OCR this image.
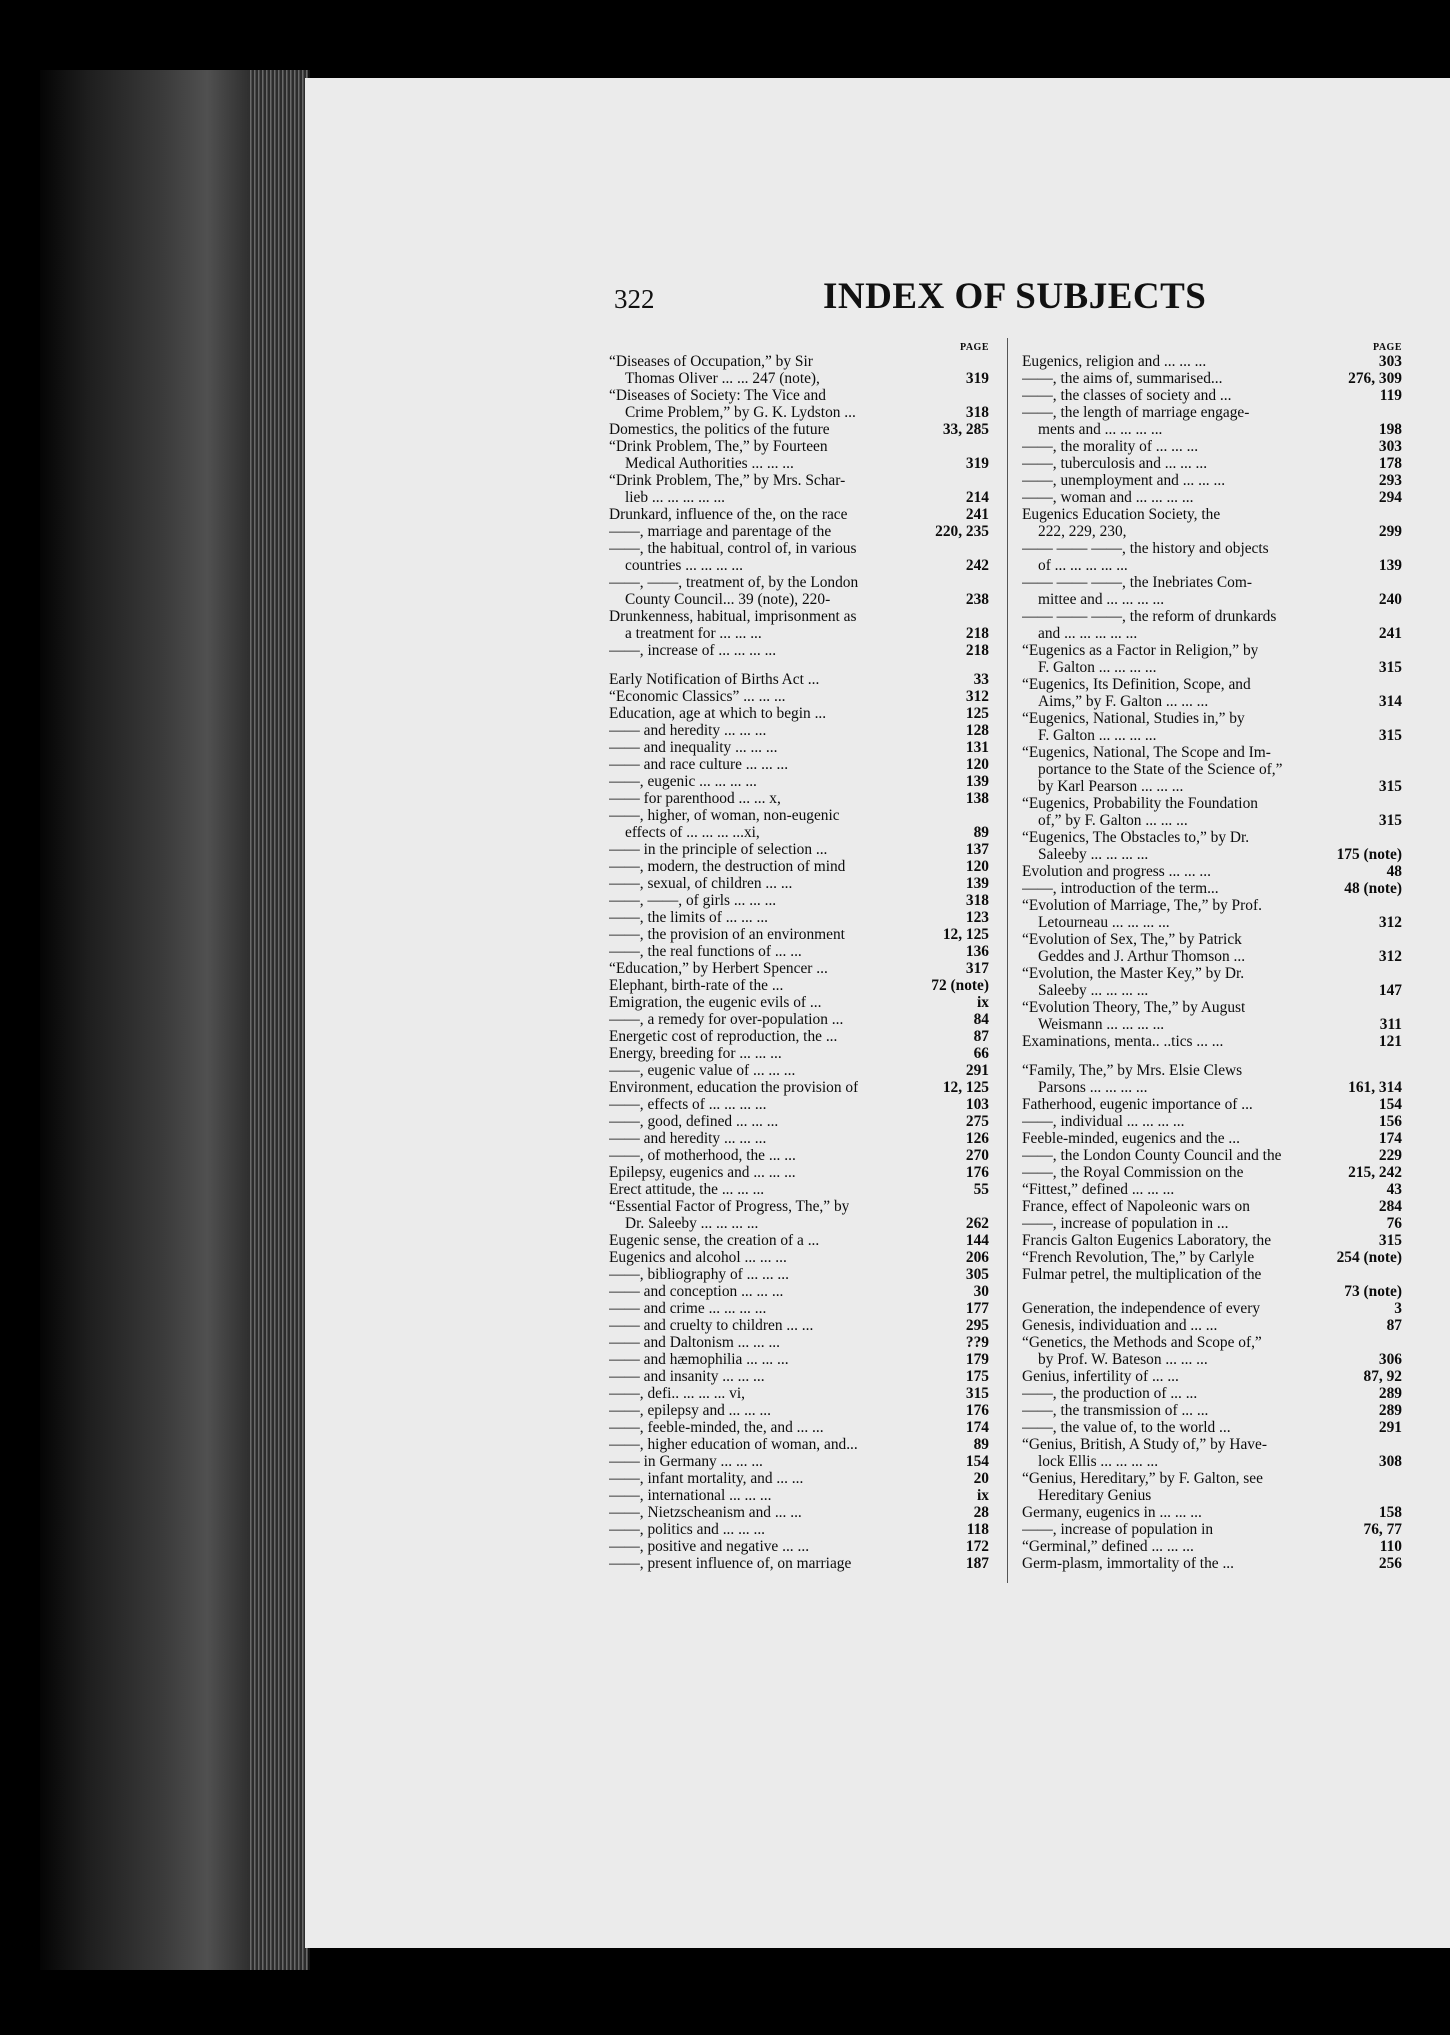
322	INDEX OF SUBJECTS
PAGE
“Diseases of Occupation,” by Sir
Thomas Oliver ... ... 247 (note),	319
“Diseases of Society: The Vice and
Crime Problem,” by G. K. Lydston ...	318
Domestics, the politics of the future	33, 285
“Drink Problem, The,” by Fourteen
Medical Authorities ... ... ...	319
“Drink Problem, The,” by Mrs. Schar-
lieb ... ... ... ... ...	214
Drunkard, influence of the, on the race	241
——, marriage and parentage of the	220, 235
——, the habitual, control of, in various
countries ... ... ... ...	242
——, ——, treatment of, by the London
County Council... 39 (note), 220-	238
Drunkenness, habitual, imprisonment as
a treatment for ... ... ...	218
——, increase of ... ... ... ...	218
Early Notification of Births Act ...	33
“Economic Classics” ... ... ...	312
Education, age at which to begin ...	125
—— and heredity ... ... ...	128
—— and inequality ... ... ...	131
—— and race culture ... ... ...	120
——, eugenic ... ... ... ...	139
—— for parenthood ... ... x,	138
——, higher, of woman, non-eugenic
effects of ... ... ... ...xi,	89
—— in the principle of selection ...	137
——, modern, the destruction of mind	120
——, sexual, of children ... ...	139
——, ——, of girls ... ... ...	318
——, the limits of ... ... ...	123
——, the provision of an environment	12, 125
——, the real functions of ... ...	136
“Education,” by Herbert Spencer ...	317
Elephant, birth-rate of the ...	72 (note)
Emigration, the eugenic evils of ...	ix
——, a remedy for over-population ...	84
Energetic cost of reproduction, the ...	87
Energy, breeding for ... ... ...	66
——, eugenic value of ... ... ...	291
Environment, education the provision of	12, 125
——, effects of ... ... ... ...	103
——, good, defined ... ... ...	275
—— and heredity ... ... ...	126
——, of motherhood, the ... ...	270
Epilepsy, eugenics and ... ... ...	176
Erect attitude, the ... ... ...	55
“Essential Factor of Progress, The,” by
Dr. Saleeby ... ... ... ...	262
Eugenic sense, the creation of a ...	144
Eugenics and alcohol ... ... ...	206
——, bibliography of ... ... ...	305
—— and conception ... ... ...	30
—— and crime ... ... ... ...	177
—— and cruelty to children ... ...	295
—— and Daltonism ... ... ...	??9
—— and hæmophilia ... ... ...	179
—— and insanity ... ... ...	175
——, defi.. ... ... ... vi,	315
——, epilepsy and ... ... ...	176
——, feeble-minded, the, and ... ...	174
——, higher education of woman, and...	89
—— in Germany ... ... ...	154
——, infant mortality, and ... ...	20
——, international ... ... ...	ix
——, Nietzscheanism and ... ...	28
——, politics and ... ... ...	118
——, positive and negative ... ...	172
——, present influence of, on marriage	187
PAGE
Eugenics, religion and ... ... ...	303
——, the aims of, summarised...	276, 309
——, the classes of society and ...	119
——, the length of marriage engage-
ments and ... ... ... ...	198
——, the morality of ... ... ...	303
——, tuberculosis and ... ... ...	178
——, unemployment and ... ... ...	293
——, woman and ... ... ... ...	294
Eugenics Education Society, the
222, 229, 230,	299
—— —— ——, the history and objects
of ... ... ... ... ...	139
—— —— ——, the Inebriates Com-
mittee and ... ... ... ...	240
—— —— ——, the reform of drunkards
and ... ... ... ... ...	241
“Eugenics as a Factor in Religion,” by
F. Galton ... ... ... ...	315
“Eugenics, Its Definition, Scope, and
Aims,” by F. Galton ... ... ...	314
“Eugenics, National, Studies in,” by
F. Galton ... ... ... ...	315
“Eugenics, National, The Scope and Im-
portance to the State of the Science of,”
by Karl Pearson ... ... ...	315
“Eugenics, Probability the Foundation
of,” by F. Galton ... ... ...	315
“Eugenics, The Obstacles to,” by Dr.
Saleeby ... ... ... ...	175 (note)
Evolution and progress ... ... ...	48
——, introduction of the term...	48 (note)
“Evolution of Marriage, The,” by Prof.
Letourneau ... ... ... ...	312
“Evolution of Sex, The,” by Patrick
Geddes and J. Arthur Thomson ...	312
“Evolution, the Master Key,” by Dr.
Saleeby ... ... ... ...	147
“Evolution Theory, The,” by August
Weismann ... ... ... ...	311
Examinations, menta.. ..tics ... ...	121
“Family, The,” by Mrs. Elsie Clews
Parsons ... ... ... ...	161, 314
Fatherhood, eugenic importance of ...	154
——, individual ... ... ... ...	156
Feeble-minded, eugenics and the ...	174
——, the London County Council and the	229
——, the Royal Commission on the	215, 242
“Fittest,” defined ... ... ...	43
France, effect of Napoleonic wars on	284
——, increase of population in ...	76
Francis Galton Eugenics Laboratory, the	315
“French Revolution, The,” by Carlyle	254 (note)
Fulmar petrel, the multiplication of the
73 (note)
Generation, the independence of every	3
Genesis, individuation and ... ...	87
“Genetics, the Methods and Scope of,”
by Prof. W. Bateson ... ... ...	306
Genius, infertility of ... ...	87, 92
——, the production of ... ...	289
——, the transmission of ... ...	289
——, the value of, to the world ...	291
“Genius, British, A Study of,” by Have-
lock Ellis ... ... ... ...	308
“Genius, Hereditary,” by F. Galton, see
Hereditary Genius
Germany, eugenics in ... ... ...	158
——, increase of population in	76, 77
“Germinal,” defined ... ... ...	110
Germ-plasm, immortality of the ...	256
